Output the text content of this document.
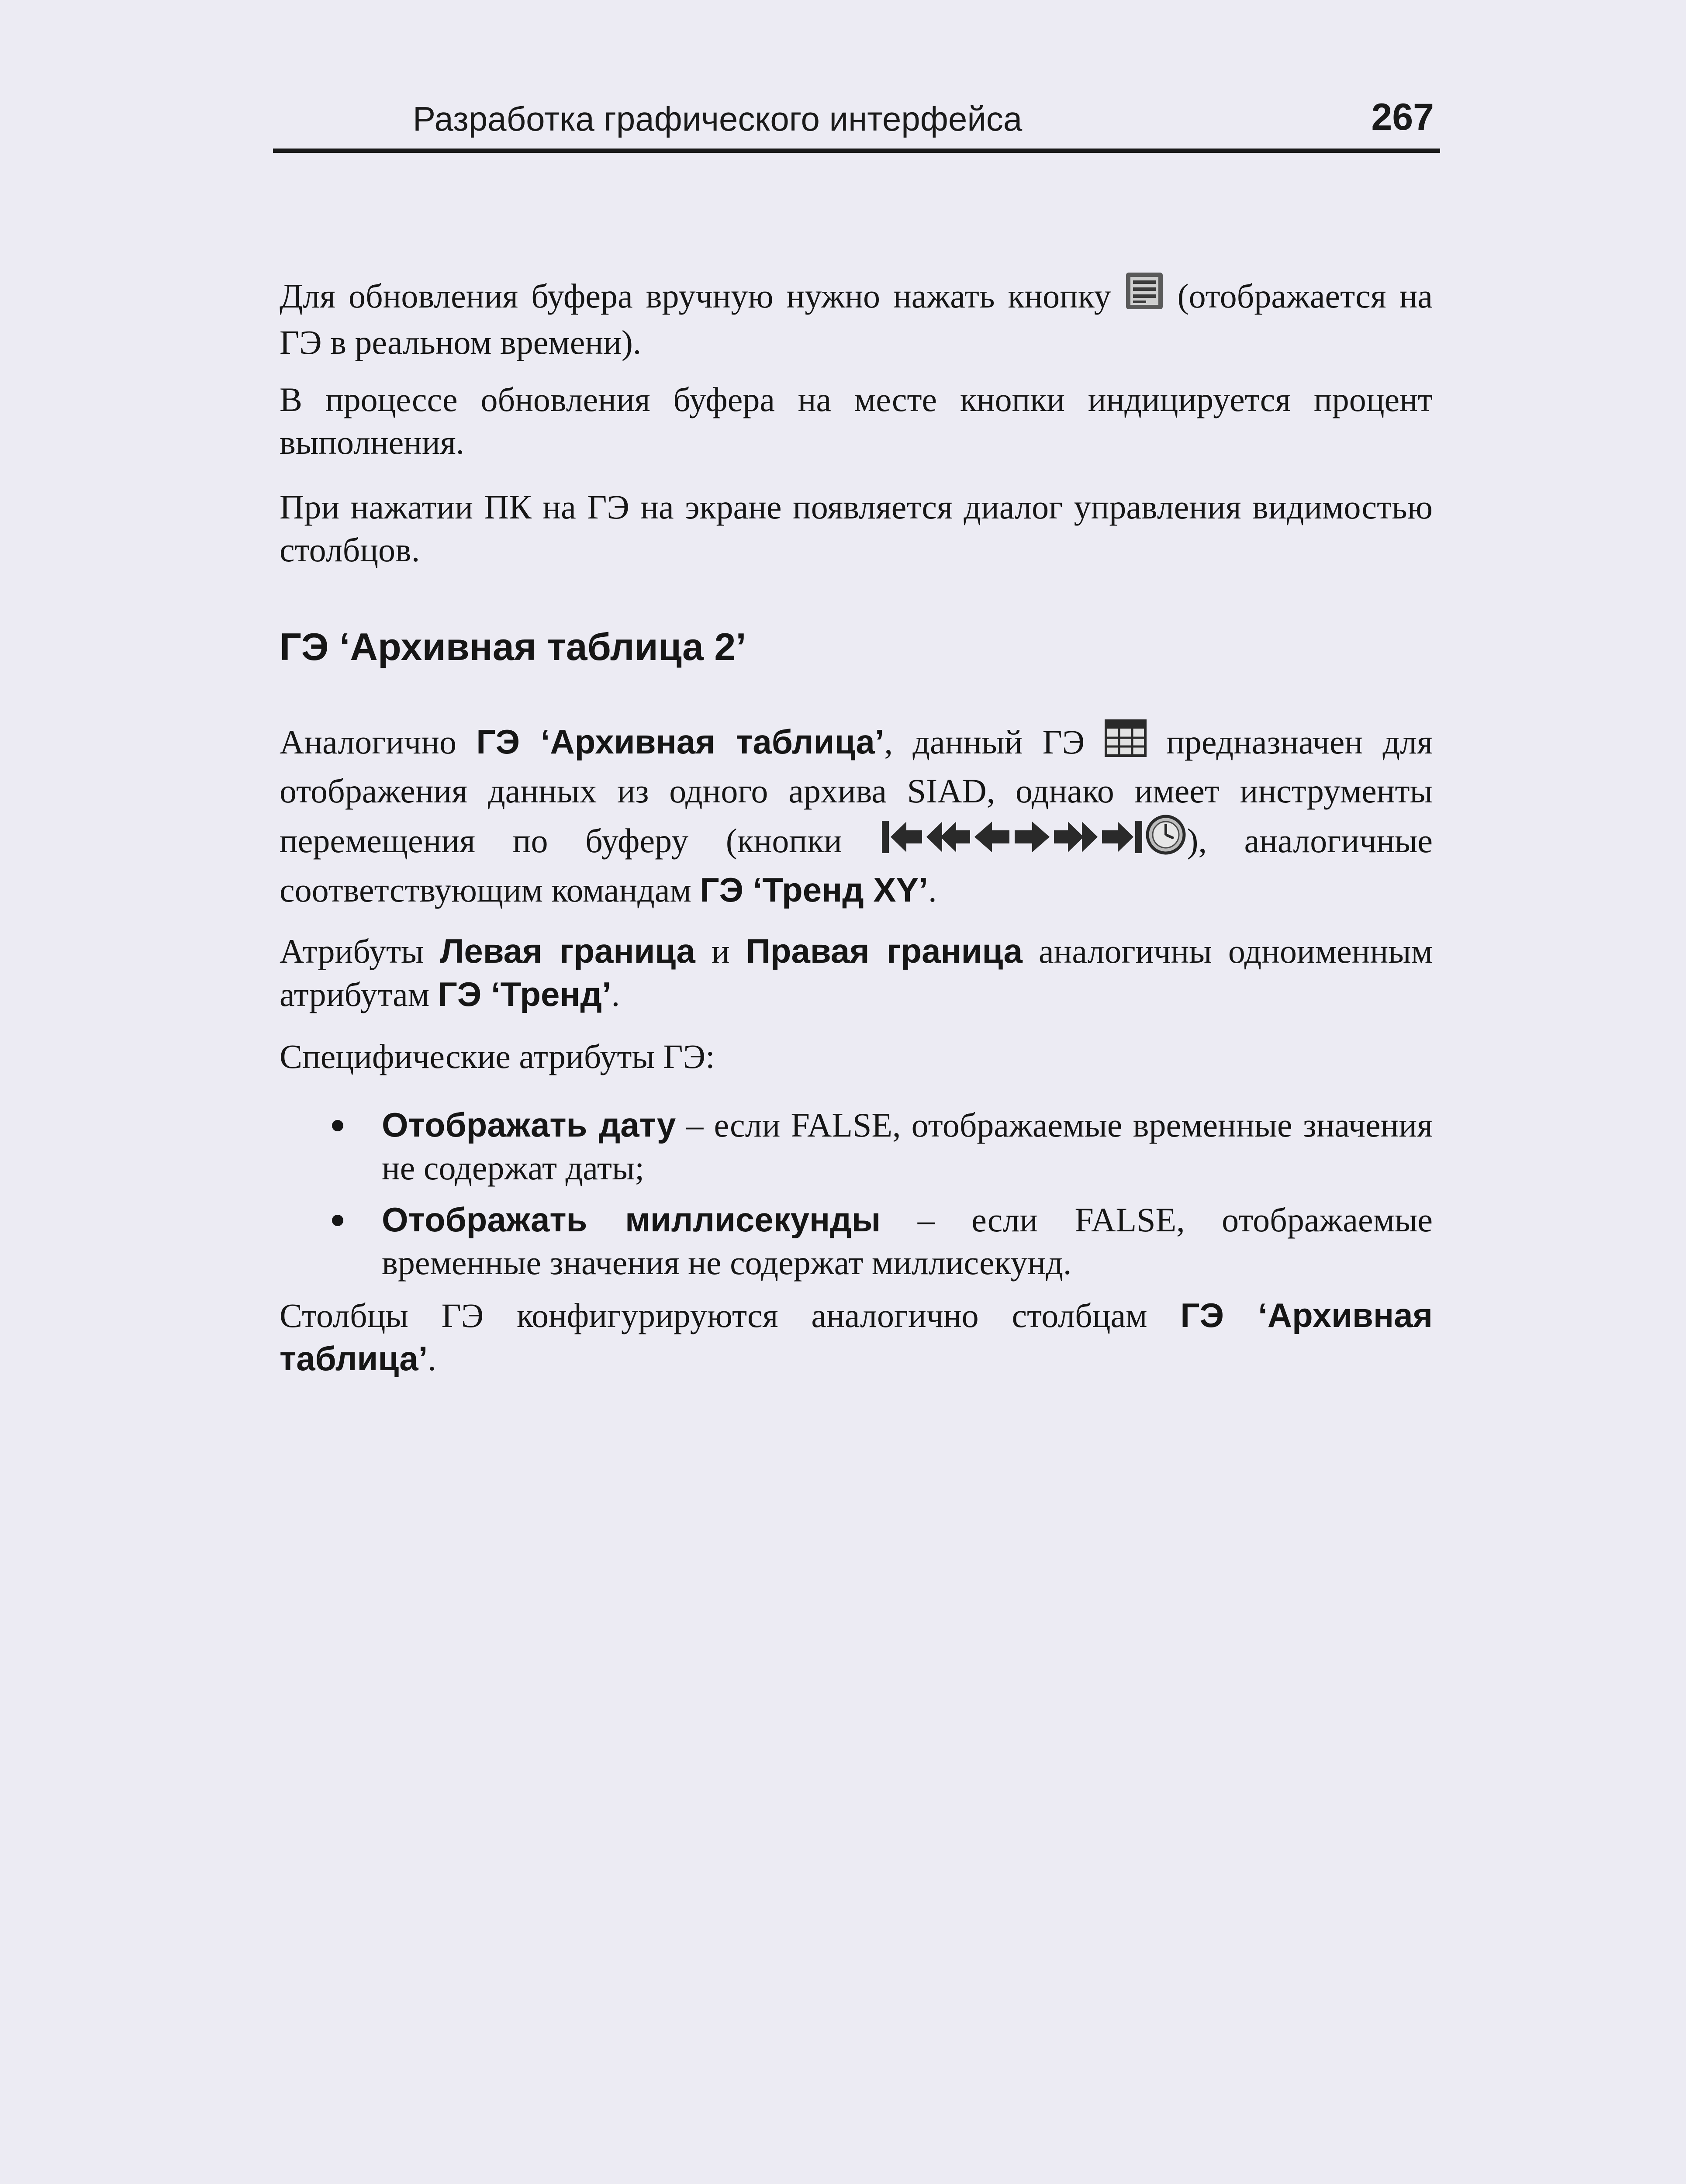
Разработка графического интерфейса	267

Для обновления буфера вручную нужно нажать кнопку  (отображается на ГЭ в реальном времени).

В процессе обновления буфера на месте кнопки индицируется процент выполнения.

При нажатии ПК на ГЭ на экране появляется диалог управления видимостью столбцов.

ГЭ ‘Архивная таблица 2’

Аналогично ГЭ ‘Архивная таблица’, данный ГЭ  предназначен для отображения данных из одного архива SIAD, однако имеет инструменты перемещения по буферу (кнопки	), аналогичные соответствующим командам ГЭ ‘Тренд XY’.

Атрибуты Левая граница и Правая граница аналогичны одноименным атрибутам ГЭ ‘Тренд’.

Специфические атрибуты ГЭ:

Отображать дату – если FALSE, отображаемые временные значения не содержат даты;
Отображать миллисекунды – если FALSE, отображаемые временные значения не содержат миллисекунд.

Столбцы ГЭ конфигурируются аналогично столбцам ГЭ ‘Архивная таблица’.
